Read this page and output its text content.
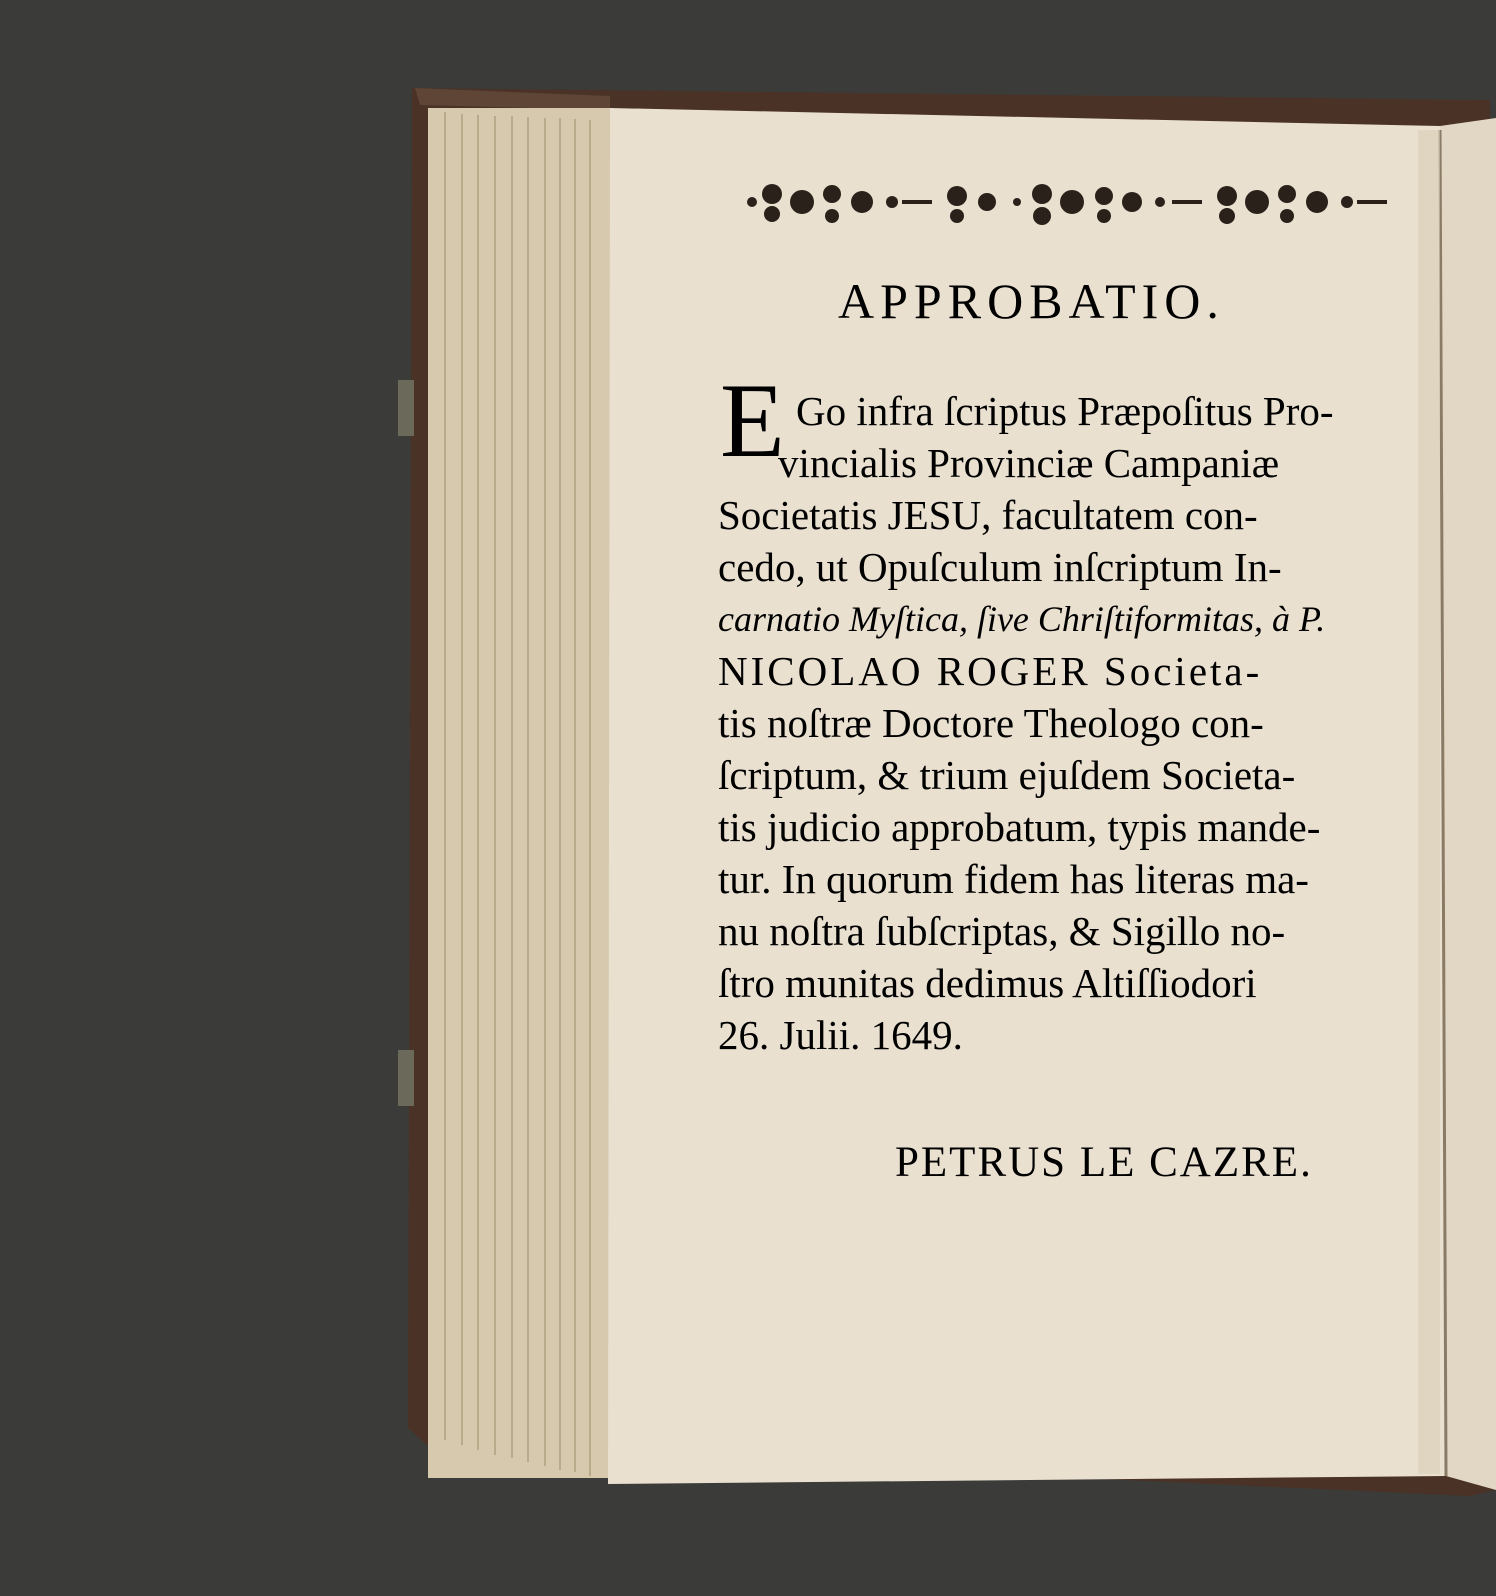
APPROBATIO.
E Go infra ſcriptus Præpoſitus Pro-
vincialis Provinciæ Campaniæ
Societatis JESU, facultatem con-
cedo, ut Opuſculum inſcriptum In-
carnatio Myſtica, ſive Chriſtiformitas, à P.
NICOLAO ROGER Societa-
tis noſtræ Doctore Theologo con-
ſcriptum, & trium ejuſdem Societa-
tis judicio approbatum, typis mande-
tur. In quorum fidem has literas ma-
nu noſtra ſubſcriptas, & Sigillo no-
ſtro munitas dedimus Altiſſiodori
26. Julii. 1649.
PETRUS LE CAZRE.
